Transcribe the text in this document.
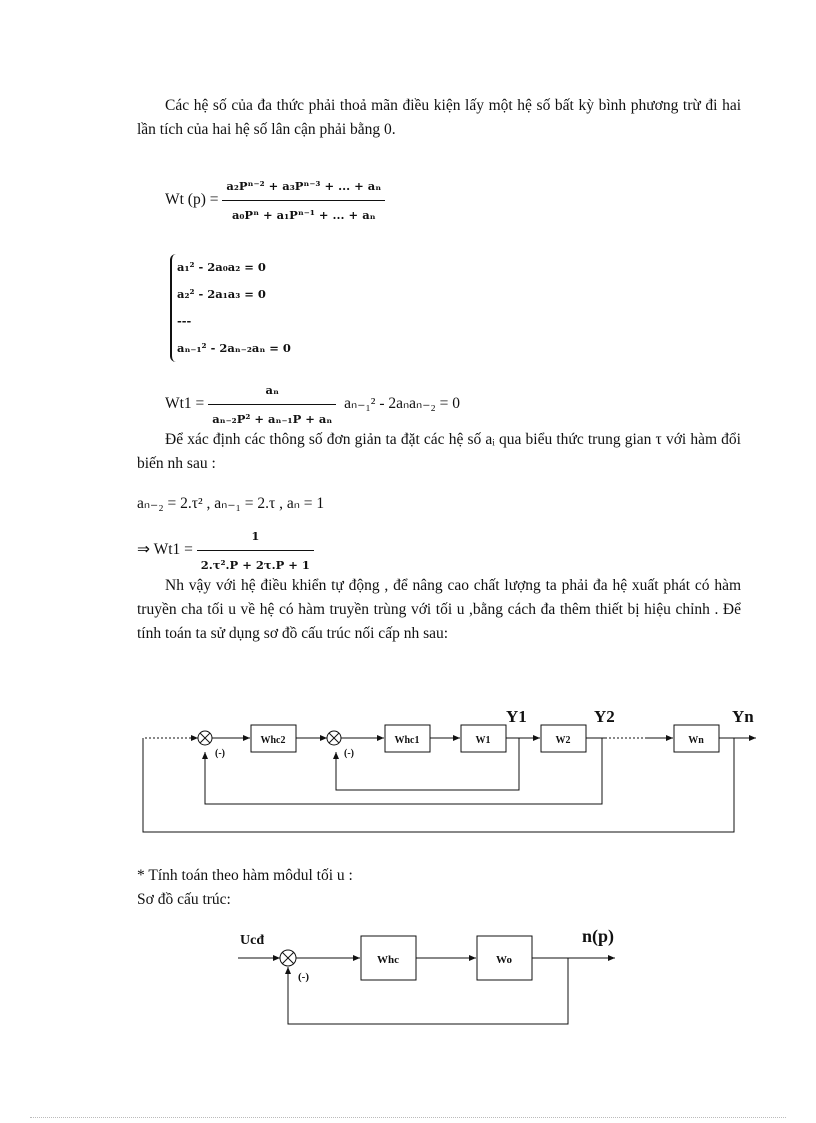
Các hệ số của đa thức phải thoả mãn điều kiện lấy một hệ số bất kỳ bình phương trừ đi hai lần tích của hai hệ số lân cận phải bằng 0.
Wt $(p) = \frac{\text{a₂Pⁿ⁻² + a₃Pⁿ⁻³ + ... + aₙ}}{\text{a₀Pⁿ + a₁Pⁿ⁻¹ + ... + aₙ}}$
a₁² - 2a₀a₂ = 0
a₂² - 2a₁a₃ = 0
---
aₙ₋₁² - 2aₙ₋₂aₙ = 0
$Wt1 = \frac{\text{aₙ}}{\text{aₙ₋₂P² + aₙ₋₁P + aₙ}} a_{n-1}^2 - 2a_na_{n-2} = 0$
Để xác định các thông số đơn giản ta đặt các hệ số aᵢ qua biểu thức trung gian τ với hàm đổi biến nh sau :
aₙ₋₂ = 2.τ² , aₙ₋₁ = 2.τ , aₙ = 1
⇒ $Wt1 = \frac{1}{\text{2.τ².P + 2τ.P + 1}}$
Nh vậy với hệ điều khiển tự động , để nâng cao chất lượng ta phải đa hệ xuất phát có hàm truyền cha tối u về hệ có hàm truyền trùng với tối u ,bằng cách đa thêm thiết bị hiệu chỉnh . Để tính toán ta sử dụng sơ đồ cấu trúc nối cấp nh sau:
Whc2	Whc1	W1	W2	Wn
Y1	Y2	Yn
(-)	(-)
* Tính toán theo hàm môdul tối u :
Sơ đồ cấu trúc:
Ucđ
Whc	Wo
n(p)
(-)
